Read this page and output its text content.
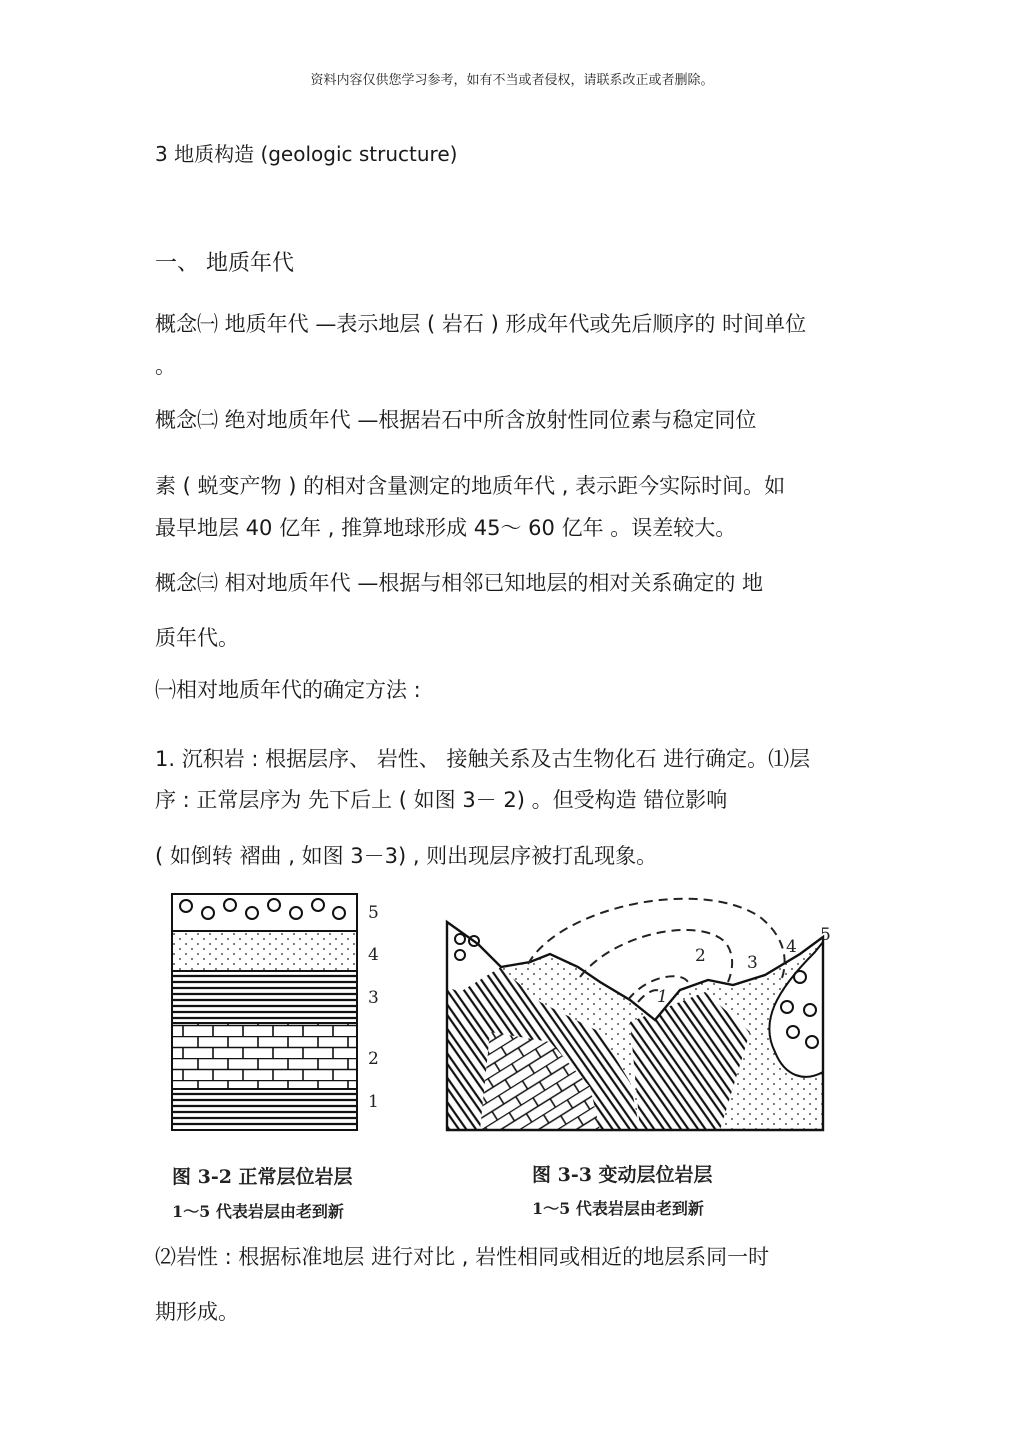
资料内容仅供您学习参考，如有不当或者侵权，请联系改正或者删除。
3 地质构造 (geologic structure)
一、 地质年代
概念㈠ 地质年代 —表示地层 ( 岩石 ) 形成年代或先后顺序的 时间单位
。
概念㈡ 绝对地质年代 —根据岩石中所含放射性同位素与稳定同位
素 ( 蜕变产物 ) 的相对含量测定的地质年代 , 表示距今实际时间。如
最早地层 40 亿年 , 推算地球形成 45～ 60 亿年 。误差较大。
概念㈢ 相对地质年代 —根据与相邻已知地层的相对关系确定的 地
质年代。
㈠相对地质年代的确定方法 :
1. 沉积岩 : 根据层序、 岩性、 接触关系及古生物化石 进行确定。⑴层
序 : 正常层序为 先下后上 ( 如图 3－ 2) 。但受构造 错位影响
( 如倒转 褶曲 , 如图 3－3) , 则出现层序被打乱现象。
5
4
3
2
1
1
2 3
4
5
图 3-2 正常层位岩层
1～5 代表岩层由老到新
图 3-3 变动层位岩层
1～5 代表岩层由老到新
⑵岩性 : 根据标准地层 进行对比 , 岩性相同或相近的地层系同一时
期形成。
